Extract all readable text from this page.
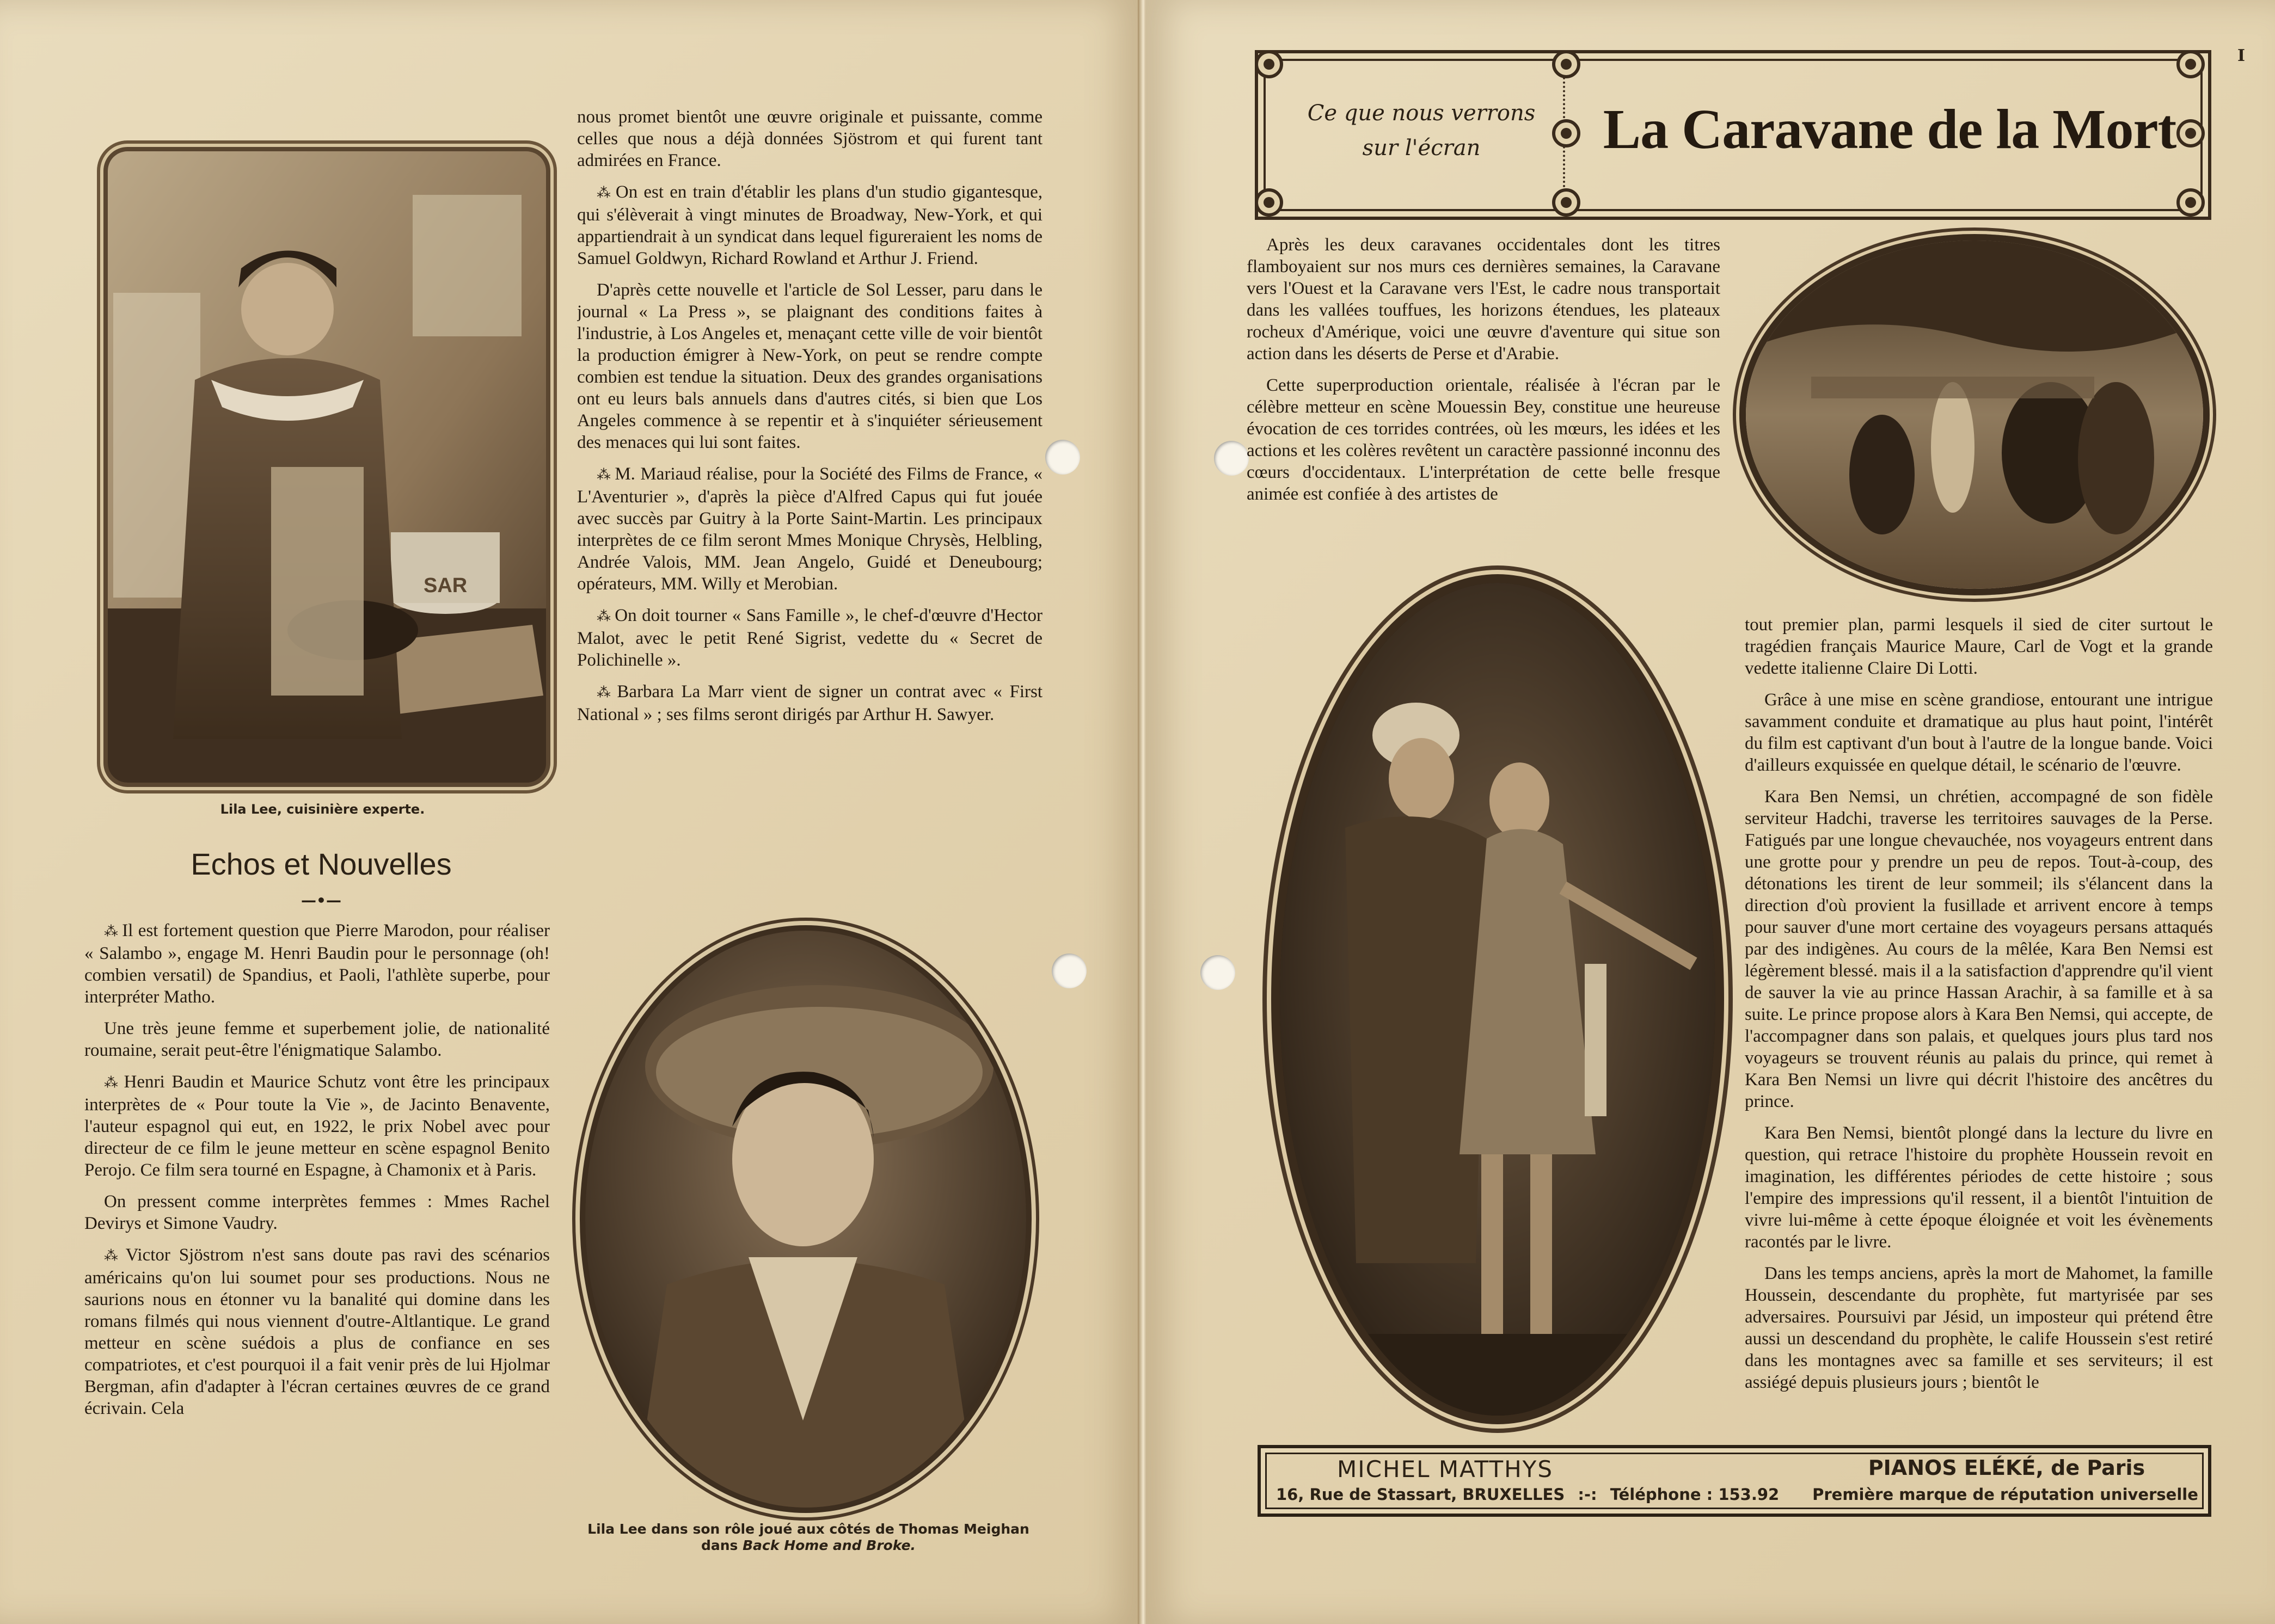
SAR
Lila Lee, cuisinière experte.
Echos et Nouvelles
—•—

⁂ Il est fortement question que Pierre Marodon, pour réaliser « Salambo », engage M. Henri Baudin pour le personnage (oh! combien versatil) de Spandius, et Paoli, l'athlète superbe, pour interpréter Matho.

Une très jeune femme et superbement jolie, de nationalité roumaine, serait peut-être l'énigmatique Salambo.

⁂ Henri Baudin et Maurice Schutz vont être les principaux interprètes de « Pour toute la Vie », de Jacinto Benavente, l'auteur espagnol qui eut, en 1922, le prix Nobel avec pour directeur de ce film le jeune metteur en scène espagnol Benito Perojo. Ce film sera tourné en Espagne, à Chamonix et à Paris.

On pressent comme interprètes femmes : Mmes Rachel Devirys et Simone Vaudry.

⁂ Victor Sjöstrom n'est sans doute pas ravi des scénarios américains qu'on lui soumet pour ses productions. Nous ne saurions nous en étonner vu la banalité qui domine dans les romans filmés qui nous viennent d'outre-Altlantique. Le grand metteur en scène suédois a plus de confiance en ses compatriotes, et c'est pourquoi il a fait venir près de lui Hjolmar Bergman, afin d'adapter à l'écran certaines œuvres de ce grand écrivain. Cela

nous promet bientôt une œuvre originale et puissante, comme celles que nous a déjà données Sjöstrom et qui furent tant admirées en France.

⁂ On est en train d'établir les plans d'un studio gigantesque, qui s'élèverait à vingt minutes de Broadway, New-York, et qui appartiendrait à un syndicat dans lequel figureraient les noms de Samuel Goldwyn, Richard Rowland et Arthur J. Friend.

D'après cette nouvelle et l'article de Sol Lesser, paru dans le journal « La Press », se plaignant des conditions faites à l'industrie, à Los Angeles et, menaçant cette ville de voir bientôt la production émigrer à New-York, on peut se rendre compte combien est tendue la situation. Deux des grandes organisations ont eu leurs bals annuels dans d'autres cités, si bien que Los Angeles commence à se repentir et à s'inquiéter sérieusement des menaces qui lui sont faites.

⁂ M. Mariaud réalise, pour la Société des Films de France, « L'Aventurier », d'après la pièce d'Alfred Capus qui fut jouée avec succès par Guitry à la Porte Saint-Martin. Les principaux interprètes de ce film seront Mmes Monique Chrysès, Helbling, Andrée Valois, MM. Jean Angelo, Guidé et Deneubourg; opérateurs, MM. Willy et Merobian.

⁂ On doit tourner « Sans Famille », le chef-d'œuvre d'Hector Malot, avec le petit René Sigrist, vedette du « Secret de Polichinelle ».

⁂ Barbara La Marr vient de signer un contrat avec « First National » ; ses films seront dirigés par Arthur H. Sawyer.

Lila Lee dans son rôle joué aux côtés de Thomas Meighan
dans Back Home and Broke.
I
Ce que nous verrons
sur l'écran	La Caravane de la Mort

Après les deux caravanes occidentales dont les titres flamboyaient sur nos murs ces dernières semaines, la Caravane vers l'Ouest et la Caravane vers l'Est, le cadre nous transportait dans les vallées touffues, les horizons étendues, les plateaux rocheux d'Amérique, voici une œuvre d'aventure qui situe son action dans les déserts de Perse et d'Arabie.

Cette superproduction orientale, réalisée à l'écran par le célèbre metteur en scène Mouessin Bey, constitue une heureuse évocation de ces torrides contrées, où les mœurs, les idées et les actions et les colères revêtent un caractère passionné inconnu des cœurs d'occidentaux. L'interprétation de cette belle fresque animée est confiée à des artistes de

tout premier plan, parmi lesquels il sied de citer surtout le tragédien français Maurice Maure, Carl de Vogt et la grande vedette italienne Claire Di Lotti.

Grâce à une mise en scène grandiose, entourant une intrigue savamment conduite et dramatique au plus haut point, l'intérêt du film est captivant d'un bout à l'autre de la longue bande. Voici d'ailleurs exquissée en quelque détail, le scénario de l'œuvre.

Kara Ben Nemsi, un chrétien, accompagné de son fidèle serviteur Hadchi, traverse les territoires sauvages de la Perse. Fatigués par une longue chevauchée, nos voyageurs entrent dans une grotte pour y prendre un peu de repos. Tout-à-coup, des détonations les tirent de leur sommeil; ils s'élancent dans la direction d'où provient la fusillade et arrivent encore à temps pour sauver d'une mort certaine des voyageurs persans attaqués par des indigènes. Au cours de la mêlée, Kara Ben Nemsi est légèrement blessé. mais il a la satisfaction d'apprendre qu'il vient de sauver la vie au prince Hassan Arachir, à sa famille et à sa suite. Le prince propose alors à Kara Ben Nemsi, qui accepte, de l'accompagner dans son palais, et quelques jours plus tard nos voyageurs se trouvent réunis au palais du prince, qui remet à Kara Ben Nemsi un livre qui décrit l'histoire des ancêtres du prince.

Kara Ben Nemsi, bientôt plongé dans la lecture du livre en question, qui retrace l'histoire du prophète Houssein revoit en imagination, les différentes périodes de cette histoire ; sous l'empire des impressions qu'il ressent, il a bientôt l'intuition de vivre lui-même à cette époque éloignée et voit les évènements racontés par le livre.

Dans les temps anciens, après la mort de Mahomet, la famille Houssein, descendante du prophète, fut martyrisée par ses adversaires. Poursuivi par Jésid, un imposteur qui prétend être aussi un descendand du prophète, le calife Houssein s'est retiré dans les montagnes avec sa famille et ses serviteurs; il est assiégé depuis plusieurs jours ; bientôt le

MICHEL MATTHYS
16, Rue de Stassart, BRUXELLES :-: Téléphone : 153.92
PIANOS ELÉKÉ, de Paris
Première marque de réputation universelle
